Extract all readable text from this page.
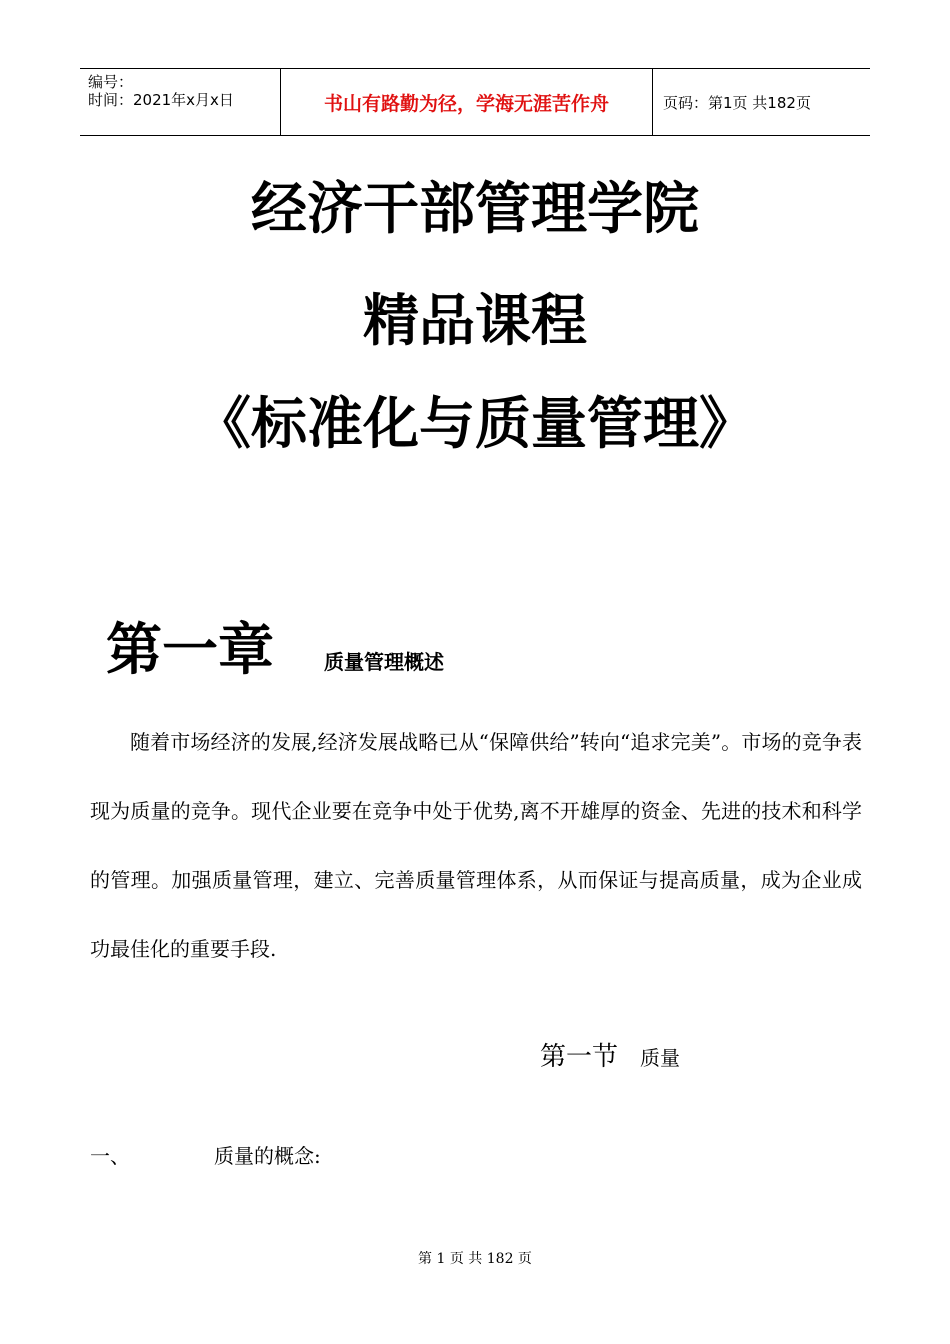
编号：
时间：2021年x月x日	书山有路勤为径，学海无涯苦作舟	页码：第1页 共182页
经济干部管理学院
精品课程
《标准化与质量管理》
第一章	质量管理概述

随着市场经济的发展,经济发展战略已从“保障供给”转向“追求完美”。市场的竞争表现为质量的竞争。现代企业要在竞争中处于优势,离不开雄厚的资金、先进的技术和科学的管理。加强质量管理，建立、完善质量管理体系，从而保证与提高质量，成为企业成功最佳化的重要手段.

第一节 质量
一、	质量的概念:
第 1 页 共 182 页
